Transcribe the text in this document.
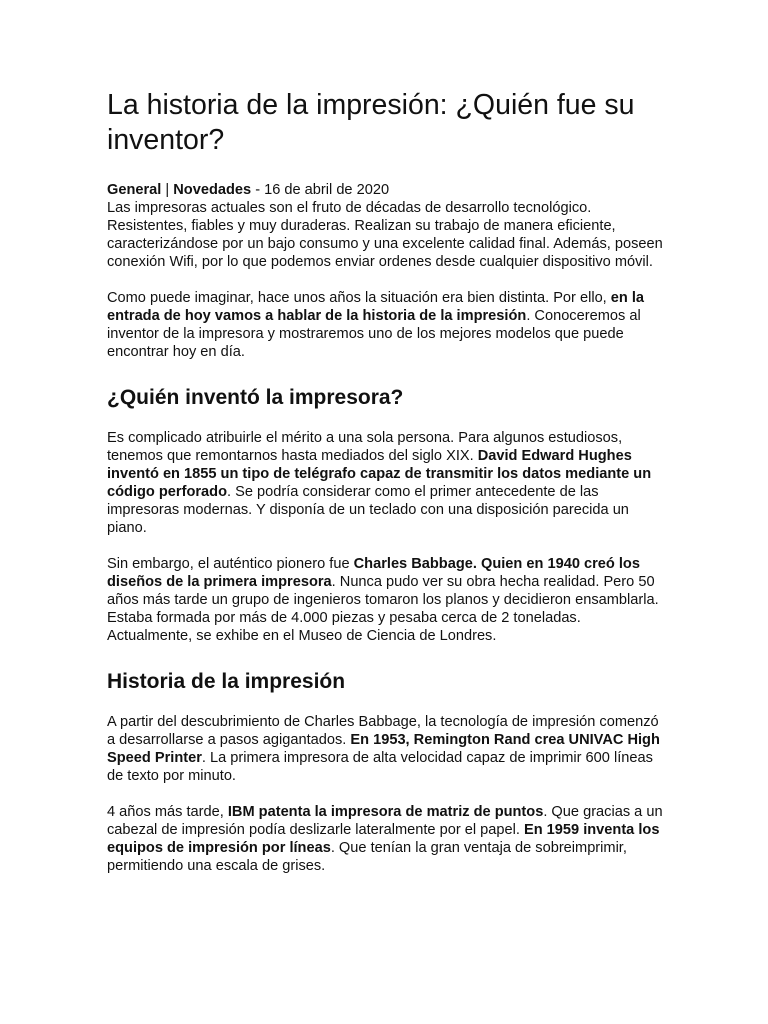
La historia de la impresión: ¿Quién fue su inventor?

General | Novedades - 16 de abril de 2020
Las impresoras actuales son el fruto de décadas de desarrollo tecnológico. Resistentes, fiables y muy duraderas. Realizan su trabajo de manera eficiente, caracterizándose por un bajo consumo y una excelente calidad final. Además, poseen conexión Wifi, por lo que podemos enviar ordenes desde cualquier dispositivo móvil.

Como puede imaginar, hace unos años la situación era bien distinta. Por ello, en la entrada de hoy vamos a hablar de la historia de la impresión. Conoceremos al inventor de la impresora y mostraremos uno de los mejores modelos que puede encontrar hoy en día.

¿Quién inventó la impresora?

Es complicado atribuirle el mérito a una sola persona. Para algunos estudiosos, tenemos que remontarnos hasta mediados del siglo XIX. David Edward Hughes inventó en 1855 un tipo de telégrafo capaz de transmitir los datos mediante un código perforado. Se podría considerar como el primer antecedente de las impresoras modernas. Y disponía de un teclado con una disposición parecida un piano.

Sin embargo, el auténtico pionero fue Charles Babbage. Quien en 1940 creó los diseños de la primera impresora. Nunca pudo ver su obra hecha realidad. Pero 50 años más tarde un grupo de ingenieros tomaron los planos y decidieron ensamblarla. Estaba formada por más de 4.000 piezas y pesaba cerca de 2 toneladas. Actualmente, se exhibe en el Museo de Ciencia de Londres.

Historia de la impresión

A partir del descubrimiento de Charles Babbage, la tecnología de impresión comenzó a desarrollarse a pasos agigantados. En 1953, Remington Rand crea UNIVAC High Speed Printer. La primera impresora de alta velocidad capaz de imprimir 600 líneas de texto por minuto.

4 años más tarde, IBM patenta la impresora de matriz de puntos. Que gracias a un cabezal de impresión podía deslizarle lateralmente por el papel. En 1959 inventa los equipos de impresión por líneas. Que tenían la gran ventaja de sobreimprimir, permitiendo una escala de grises.
